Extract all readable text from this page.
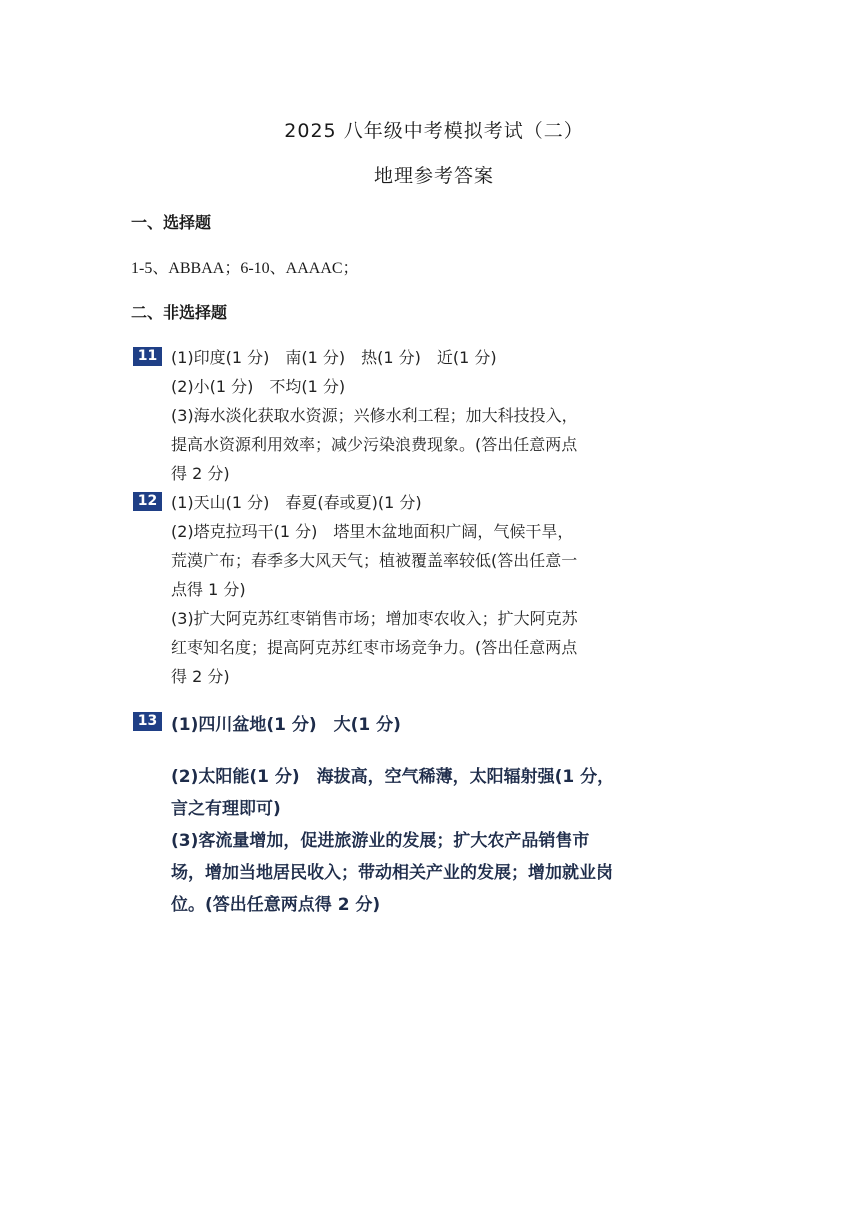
2025 八年级中考模拟考试（二）
地理参考答案
一、选择题
1-5、ABBAA；6-10、AAAAC；
二、非选择题
11 (1)印度(1 分)　南(1 分)　热(1 分)　近(1 分)
(2)小(1 分)　不均(1 分)
(3)海水淡化获取水资源；兴修水利工程；加大科技投入，
提高水资源利用效率；减少污染浪费现象。(答出任意两点
得 2 分)
12 (1)天山(1 分)　春夏(春或夏)(1 分)
(2)塔克拉玛干(1 分)　塔里木盆地面积广阔，气候干旱，
荒漠广布；春季多大风天气；植被覆盖率较低(答出任意一
点得 1 分)
(3)扩大阿克苏红枣销售市场；增加枣农收入；扩大阿克苏
红枣知名度；提高阿克苏红枣市场竞争力。(答出任意两点
得 2 分)
13 (1)四川盆地(1 分)　大(1 分)
(2)太阳能(1 分)　海拔高，空气稀薄，太阳辐射强(1 分，
言之有理即可)
(3)客流量增加，促进旅游业的发展；扩大农产品销售市
场，增加当地居民收入；带动相关产业的发展；增加就业岗
位。(答出任意两点得 2 分)
